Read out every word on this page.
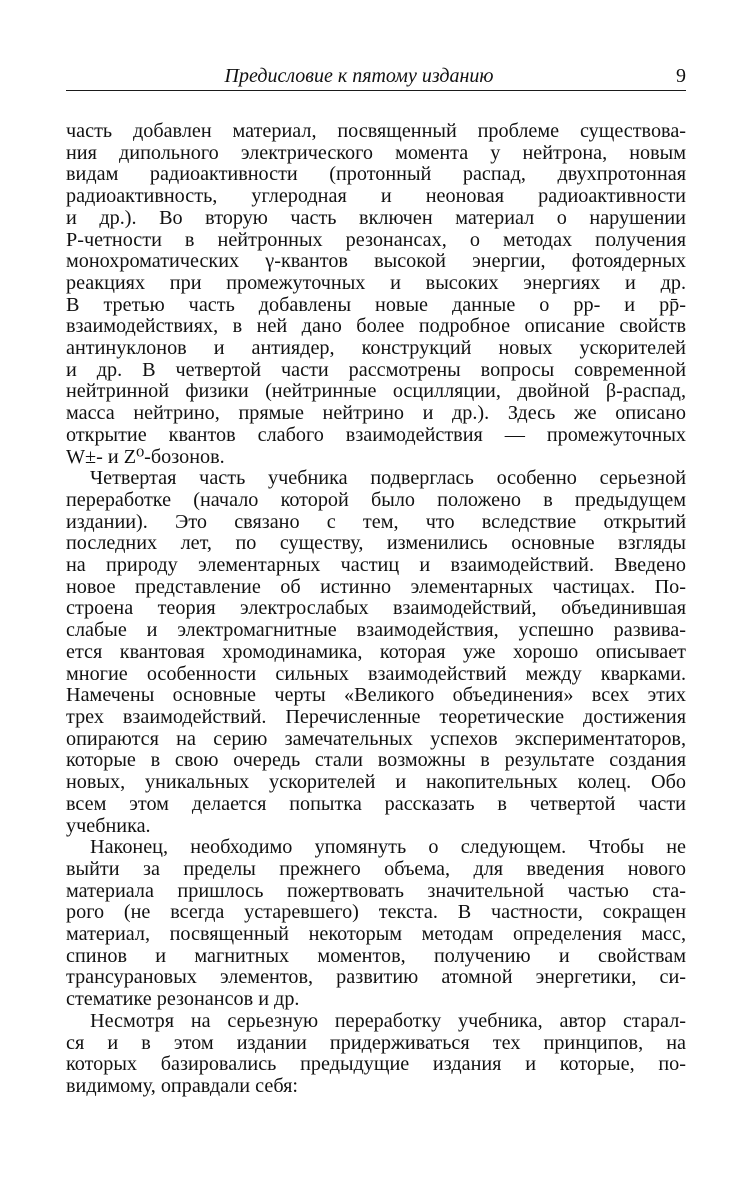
Предисловие к пятому изданию	9
часть добавлен материал, посвященный проблеме существова-
ния дипольного электрического момента у нейтрона, новым
видам радиоактивности (протонный распад, двухпротонная
радиоактивность, углеродная и неоновая радиоактивности
и др.). Во вторую часть включен материал о нарушении
P-четности в нейтронных резонансах, о методах получения
монохроматических γ-квантов высокой энергии, фотоядерных
реакциях при промежуточных и высоких энергиях и др.
В третью часть добавлены новые данные о pp- и pp̄-
взаимодействиях, в ней дано более подробное описание свойств
антинуклонов и антиядер, конструкций новых ускорителей
и др. В четвертой части рассмотрены вопросы современной
нейтринной физики (нейтринные осцилляции, двойной β-распад,
масса нейтрино, прямые нейтрино и др.). Здесь же описано
открытие квантов слабого взаимодействия — промежуточных
W±- и Z⁰-бозонов.
Четвертая часть учебника подверглась особенно серьезной
переработке (начало которой было положено в предыдущем
издании). Это связано с тем, что вследствие открытий
последних лет, по существу, изменились основные взгляды
на природу элементарных частиц и взаимодействий. Введено
новое представление об истинно элементарных частицах. По-
строена теория электрослабых взаимодействий, объединившая
слабые и электромагнитные взаимодействия, успешно развива-
ется квантовая хромодинамика, которая уже хорошо описывает
многие особенности сильных взаимодействий между кварками.
Намечены основные черты «Великого объединения» всех этих
трех взаимодействий. Перечисленные теоретические достижения
опираются на серию замечательных успехов экспериментаторов,
которые в свою очередь стали возможны в результате создания
новых, уникальных ускорителей и накопительных колец. Обо
всем этом делается попытка рассказать в четвертой части
учебника.
Наконец, необходимо упомянуть о следующем. Чтобы не
выйти за пределы прежнего объема, для введения нового
материала пришлось пожертвовать значительной частью ста-
рого (не всегда устаревшего) текста. В частности, сокращен
материал, посвященный некоторым методам определения масс,
спинов и магнитных моментов, получению и свойствам
трансурановых элементов, развитию атомной энергетики, си-
стематике резонансов и др.
Несмотря на серьезную переработку учебника, автор старал-
ся и в этом издании придерживаться тех принципов, на
которых базировались предыдущие издания и которые, по-
видимому, оправдали себя:
